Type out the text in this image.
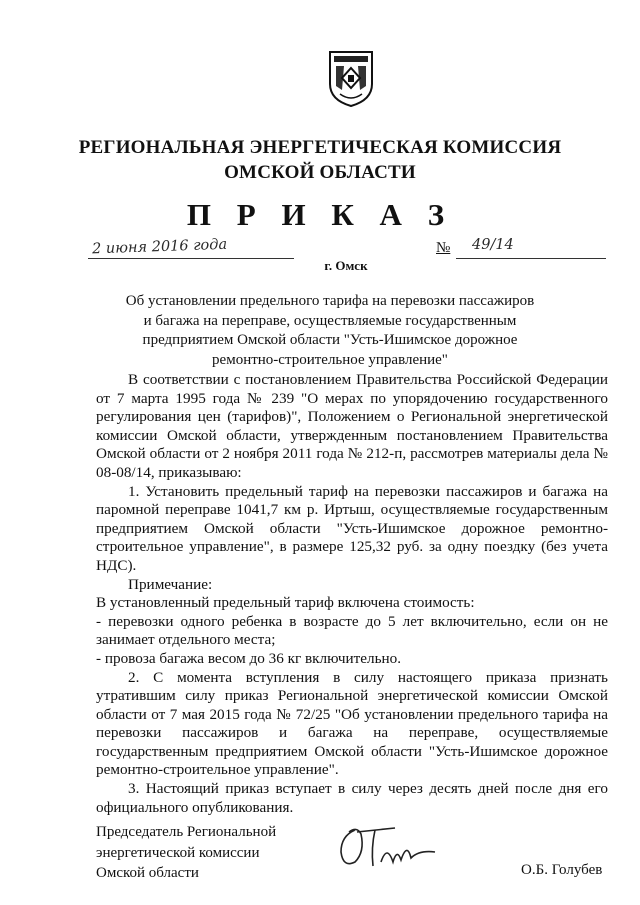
РЕГИОНАЛЬНАЯ ЭНЕРГЕТИЧЕСКАЯ КОМИССИЯ
ОМСКОЙ ОБЛАСТИ
П Р И К А З
2 июня 2016 года	№ 49/14
г. Омск
Об установлении предельного тарифа на перевозки пассажиров
и багажа на переправе, осуществляемые государственным
предприятием Омской области "Усть-Ишимское дорожное
ремонтно-строительное управление"

В соответствии с постановлением Правительства Российской Федерации от 7 марта 1995 года № 239 "О мерах по упорядочению государственного регулирования цен (тарифов)", Положением о Региональной энергетической комиссии Омской области, утвержденным постановлением Правительства Омской области от 2 ноября 2011 года № 212-п, рассмотрев материалы дела № 08-08/14, приказываю:

1. Установить предельный тариф на перевозки пассажиров и багажа на паромной переправе 1041,7 км р. Иртыш, осуществляемые государственным предприятием Омской области "Усть-Ишимское дорожное ремонтно-строительное управление", в размере 125,32 руб. за одну поездку (без учета НДС).

Примечание:

В установленный предельный тариф включена стоимость:

- перевозки одного ребенка в возрасте до 5 лет включительно, если он не занимает отдельного места;

- провоза багажа весом до 36 кг включительно.

2. С момента вступления в силу настоящего приказа признать утратившим силу приказ Региональной энергетической комиссии Омской области от 7 мая 2015 года № 72/25 "Об установлении предельного тарифа на перевозки пассажиров и багажа на переправе, осуществляемые государственным предприятием Омской области "Усть-Ишимское дорожное ремонтно-строительное управление".

3. Настоящий приказ вступает в силу через десять дней после дня его официального опубликования.

Председатель Региональной
энергетической комиссии
Омской области	О.Б. Голубев
